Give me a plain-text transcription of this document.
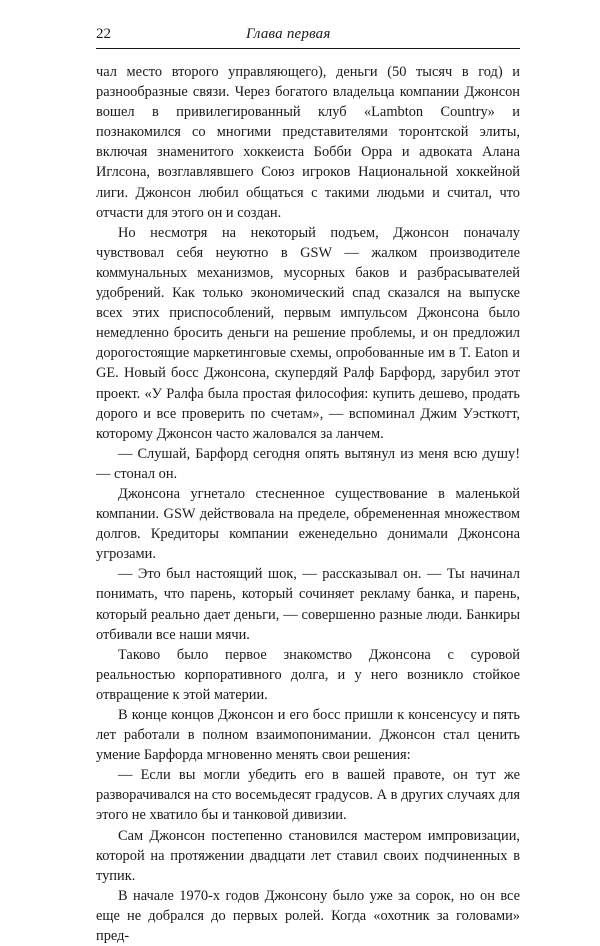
22	Глава первая

чал место второго управляющего), деньги (50 тысяч в год) и разнообразные связи. Через богатого владельца компании Джонсон вошел в привилегированный клуб «Lambton Country» и познакомился со многими представителями торонтской элиты, включая знаменитого хоккеиста Бобби Орра и адвоката Алана Иглсона, возглавлявшего Союз игроков Национальной хоккейной лиги. Джонсон любил общаться с такими людьми и считал, что отчасти для этого он и создан.

Но несмотря на некоторый подъем, Джонсон поначалу чувствовал себя неуютно в GSW — жалком производителе коммунальных механизмов, мусорных баков и разбрасывателей удобрений. Как только экономический спад сказался на выпуске всех этих приспособлений, первым импульсом Джонсона было немедленно бросить деньги на решение проблемы, и он предложил дорогостоящие маркетинговые схемы, опробованные им в T. Eaton и GE. Новый босс Джонсона, скупердяй Ралф Барфорд, зарубил этот проект. «У Ралфа была простая философия: купить дешево, продать дорого и все проверить по счетам», — вспоминал Джим Уэсткотт, которому Джонсон часто жаловался за ланчем.

— Слушай, Барфорд сегодня опять вытянул из меня всю душу! — стонал он.

Джонсона угнетало стесненное существование в маленькой компании. GSW действовала на пределе, обремененная множеством долгов. Кредиторы компании еженедельно донимали Джонсона угрозами.

— Это был настоящий шок, — рассказывал он. — Ты начинал понимать, что парень, который сочиняет рекламу банка, и парень, который реально дает деньги, — совершенно разные люди. Банкиры отбивали все наши мячи.

Таково было первое знакомство Джонсона с суровой реальностью корпоративного долга, и у него возникло стойкое отвращение к этой материи.

В конце концов Джонсон и его босс пришли к консенсусу и пять лет работали в полном взаимопонимании. Джонсон стал ценить умение Барфорда мгновенно менять свои решения:

— Если вы могли убедить его в вашей правоте, он тут же разворачивался на сто восемьдесят градусов. А в других случаях для этого не хватило бы и танковой дивизии.

Сам Джонсон постепенно становился мастером импровизации, которой на протяжении двадцати лет ставил своих подчиненных в тупик.

В начале 1970-х годов Джонсону было уже за сорок, но он все еще не добрался до первых ролей. Когда «охотник за головами» пред-
